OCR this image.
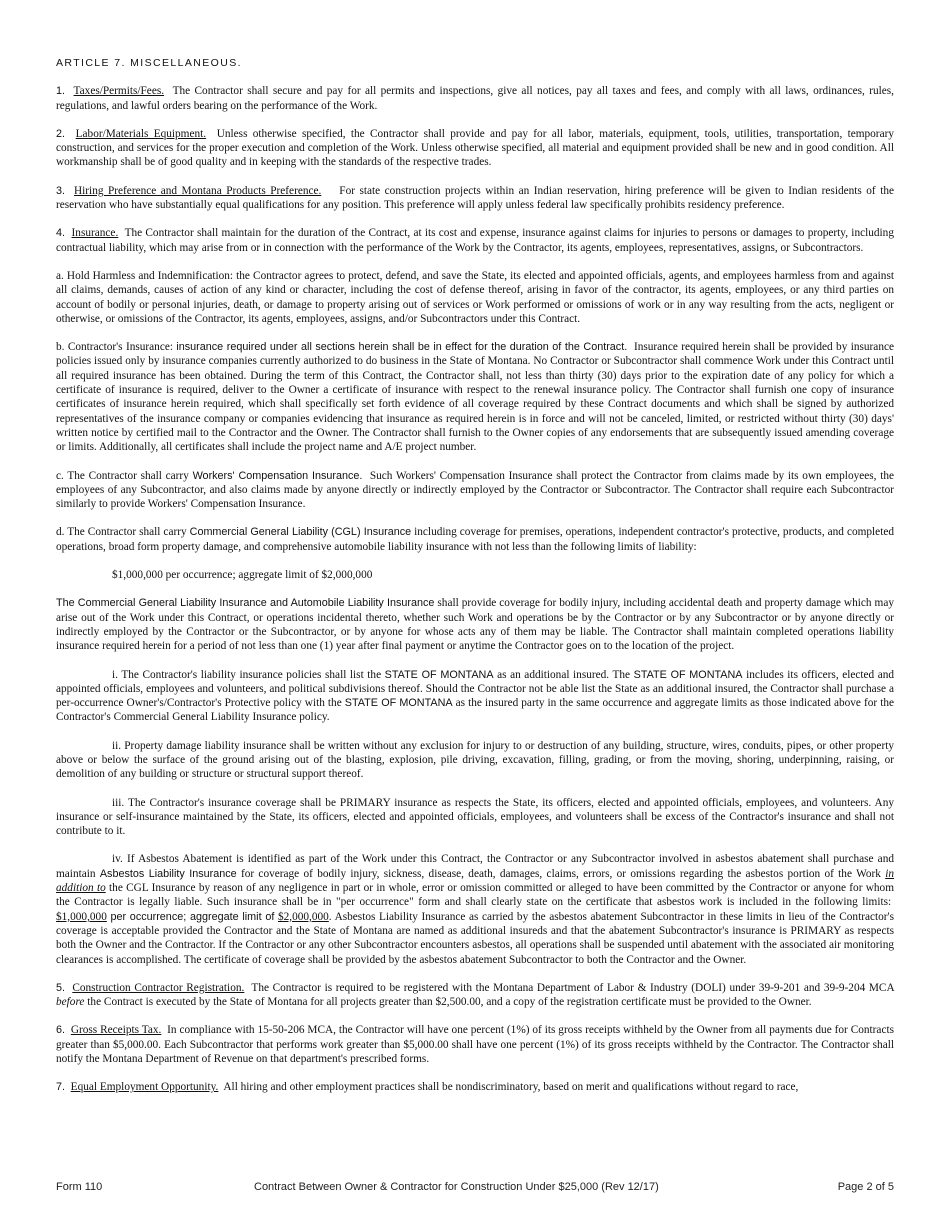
ARTICLE 7. MISCELLANEOUS.

1. Taxes/Permits/Fees. The Contractor shall secure and pay for all permits and inspections, give all notices, pay all taxes and fees, and comply with all laws, ordinances, rules, regulations, and lawful orders bearing on the performance of the Work.

2. Labor/Materials Equipment. Unless otherwise specified, the Contractor shall provide and pay for all labor, materials, equipment, tools, utilities, transportation, temporary construction, and services for the proper execution and completion of the Work. Unless otherwise specified, all material and equipment provided shall be new and in good condition. All workmanship shall be of good quality and in keeping with the standards of the respective trades.

3. Hiring Preference and Montana Products Preference. For state construction projects within an Indian reservation, hiring preference will be given to Indian residents of the reservation who have substantially equal qualifications for any position. This preference will apply unless federal law specifically prohibits residency preference.

4. Insurance. The Contractor shall maintain for the duration of the Contract, at its cost and expense, insurance against claims for injuries to persons or damages to property, including contractual liability, which may arise from or in connection with the performance of the Work by the Contractor, its agents, employees, representatives, assigns, or Subcontractors.

a. Hold Harmless and Indemnification: the Contractor agrees to protect, defend, and save the State, its elected and appointed officials, agents, and employees harmless from and against all claims, demands, causes of action of any kind or character, including the cost of defense thereof, arising in favor of the contractor, its agents, employees, or any third parties on account of bodily or personal injuries, death, or damage to property arising out of services or Work performed or omissions of work or in any way resulting from the acts, negligent or otherwise, or omissions of the Contractor, its agents, employees, assigns, and/or Subcontractors under this Contract.

b. Contractor's Insurance: insurance required under all sections herein shall be in effect for the duration of the Contract. Insurance required herein shall be provided by insurance policies issued only by insurance companies currently authorized to do business in the State of Montana. No Contractor or Subcontractor shall commence Work under this Contract until all required insurance has been obtained. During the term of this Contract, the Contractor shall, not less than thirty (30) days prior to the expiration date of any policy for which a certificate of insurance is required, deliver to the Owner a certificate of insurance with respect to the renewal insurance policy. The Contractor shall furnish one copy of insurance certificates of insurance herein required, which shall specifically set forth evidence of all coverage required by these Contract documents and which shall be signed by authorized representatives of the insurance company or companies evidencing that insurance as required herein is in force and will not be canceled, limited, or restricted without thirty (30) days' written notice by certified mail to the Contractor and the Owner. The Contractor shall furnish to the Owner copies of any endorsements that are subsequently issued amending coverage or limits. Additionally, all certificates shall include the project name and A/E project number.

c. The Contractor shall carry Workers' Compensation Insurance. Such Workers' Compensation Insurance shall protect the Contractor from claims made by its own employees, the employees of any Subcontractor, and also claims made by anyone directly or indirectly employed by the Contractor or Subcontractor. The Contractor shall require each Subcontractor similarly to provide Workers' Compensation Insurance.

d. The Contractor shall carry Commercial General Liability (CGL) Insurance including coverage for premises, operations, independent contractor's protective, products, and completed operations, broad form property damage, and comprehensive automobile liability insurance with not less than the following limits of liability:

$1,000,000 per occurrence; aggregate limit of $2,000,000

The Commercial General Liability Insurance and Automobile Liability Insurance shall provide coverage for bodily injury, including accidental death and property damage which may arise out of the Work under this Contract, or operations incidental thereto, whether such Work and operations be by the Contractor or by any Subcontractor or by anyone directly or indirectly employed by the Contractor or the Subcontractor, or by anyone for whose acts any of them may be liable. The Contractor shall maintain completed operations liability insurance required herein for a period of not less than one (1) year after final payment or anytime the Contractor goes on to the location of the project.

i. The Contractor's liability insurance policies shall list the STATE OF MONTANA as an additional insured. The STATE OF MONTANA includes its officers, elected and appointed officials, employees and volunteers, and political subdivisions thereof. Should the Contractor not be able list the State as an additional insured, the Contractor shall purchase a per-occurrence Owner's/Contractor's Protective policy with the STATE OF MONTANA as the insured party in the same occurrence and aggregate limits as those indicated above for the Contractor's Commercial General Liability Insurance policy.

ii. Property damage liability insurance shall be written without any exclusion for injury to or destruction of any building, structure, wires, conduits, pipes, or other property above or below the surface of the ground arising out of the blasting, explosion, pile driving, excavation, filling, grading, or from the moving, shoring, underpinning, raising, or demolition of any building or structure or structural support thereof.

iii. The Contractor's insurance coverage shall be PRIMARY insurance as respects the State, its officers, elected and appointed officials, employees, and volunteers. Any insurance or self-insurance maintained by the State, its officers, elected and appointed officials, employees, and volunteers shall be excess of the Contractor's insurance and shall not contribute to it.

iv. If Asbestos Abatement is identified as part of the Work under this Contract, the Contractor or any Subcontractor involved in asbestos abatement shall purchase and maintain Asbestos Liability Insurance for coverage of bodily injury, sickness, disease, death, damages, claims, errors, or omissions regarding the asbestos portion of the Work in addition to the CGL Insurance by reason of any negligence in part or in whole, error or omission committed or alleged to have been committed by the Contractor or anyone for whom the Contractor is legally liable. Such insurance shall be in "per occurrence" form and shall clearly state on the certificate that asbestos work is included in the following limits:  $1,000,000 per occurrence; aggregate limit of $2,000,000. Asbestos Liability Insurance as carried by the asbestos abatement Subcontractor in these limits in lieu of the Contractor's coverage is acceptable provided the Contractor and the State of Montana are named as additional insureds and that the abatement Subcontractor's insurance is PRIMARY as respects both the Owner and the Contractor. If the Contractor or any other Subcontractor encounters asbestos, all operations shall be suspended until abatement with the associated air monitoring clearances is accomplished. The certificate of coverage shall be provided by the asbestos abatement Subcontractor to both the Contractor and the Owner.

5. Construction Contractor Registration. The Contractor is required to be registered with the Montana Department of Labor & Industry (DOLI) under 39-9-201 and 39-9-204 MCA before the Contract is executed by the State of Montana for all projects greater than $2,500.00, and a copy of the registration certificate must be provided to the Owner.

6. Gross Receipts Tax. In compliance with 15-50-206 MCA, the Contractor will have one percent (1%) of its gross receipts withheld by the Owner from all payments due for Contracts greater than $5,000.00. Each Subcontractor that performs work greater than $5,000.00 shall have one percent (1%) of its gross receipts withheld by the Contractor. The Contractor shall notify the Montana Department of Revenue on that department's prescribed forms.

7. Equal Employment Opportunity. All hiring and other employment practices shall be nondiscriminatory, based on merit and qualifications without regard to race,

Form 110	Contract Between Owner & Contractor for Construction Under $25,000 (Rev 12/17)	Page 2 of 5
